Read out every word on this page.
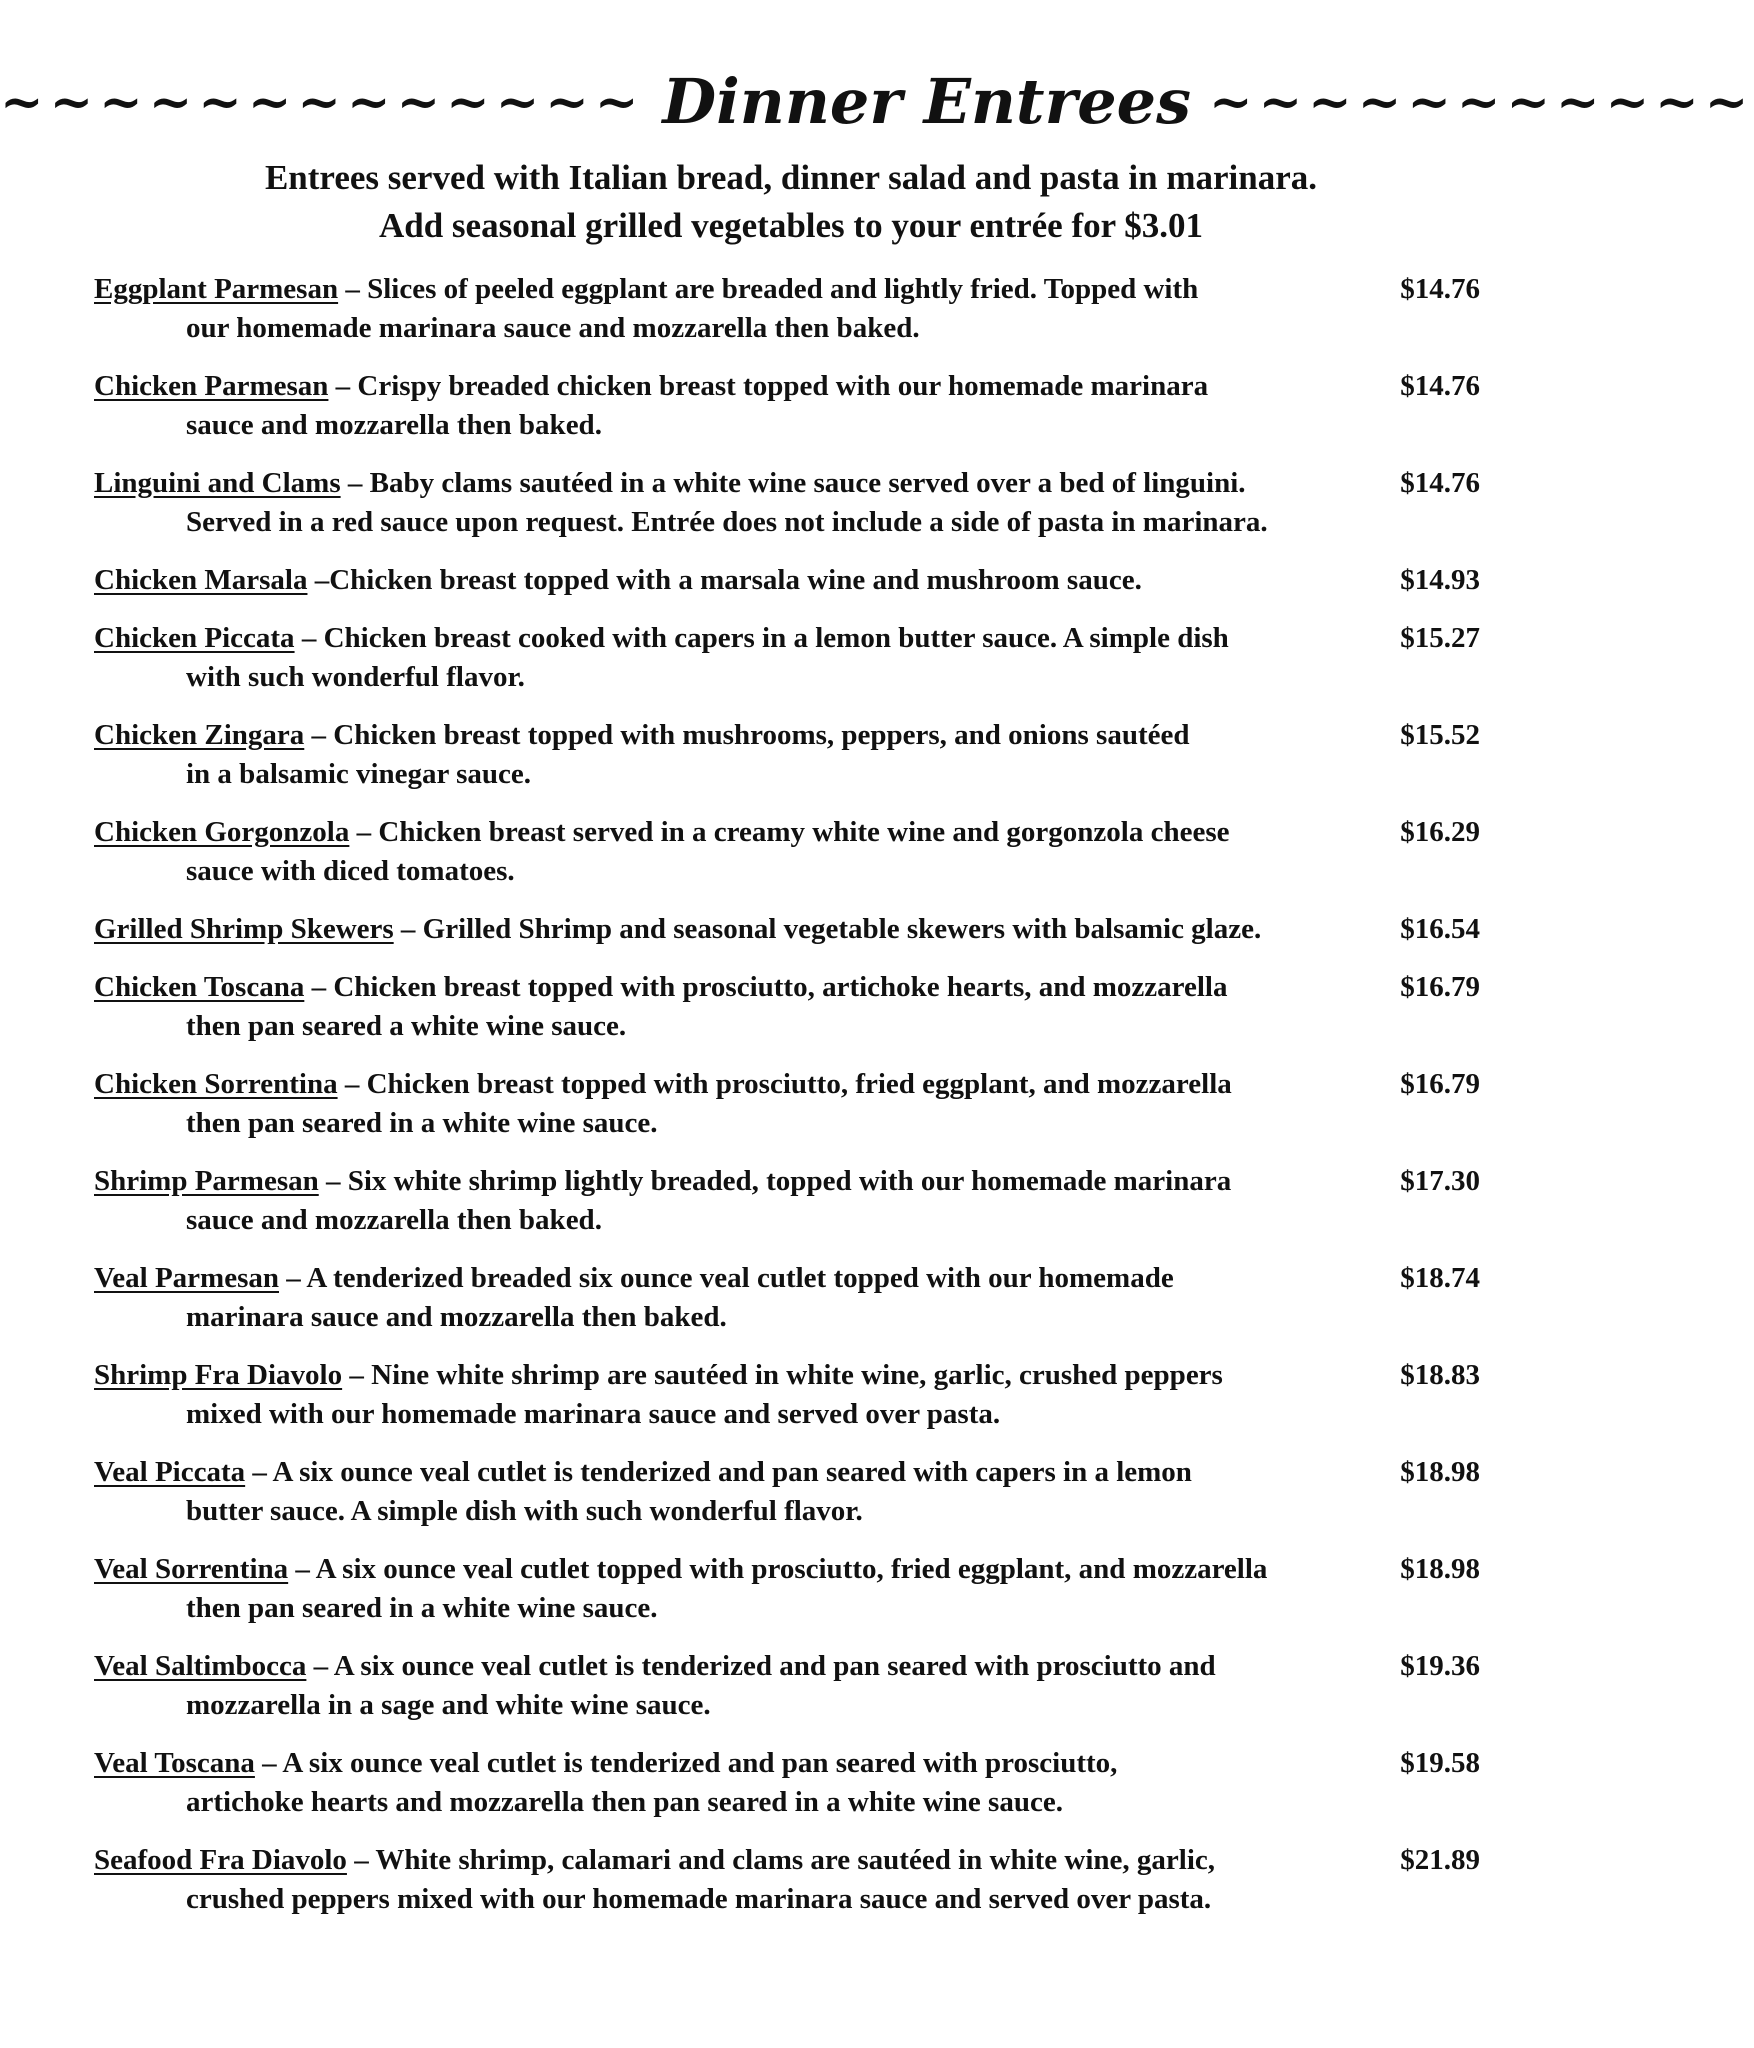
~~~~~~~~~~~~~ Dinner Entrees ~~~~~~~~~~~
Entrees served with Italian bread, dinner salad and pasta in marinara.
Add seasonal grilled vegetables to your entrée for $3.01
Eggplant Parmesan – Slices of peeled eggplant are breaded and lightly fried. Topped with
our homemade marinara sauce and mozzarella then baked.
$14.76
Chicken Parmesan – Crispy breaded chicken breast topped with our homemade marinara
sauce and mozzarella then baked.
$14.76
Linguini and Clams – Baby clams sautéed in a white wine sauce served over a bed of linguini.
Served in a red sauce upon request. Entrée does not include a side of pasta in marinara.
$14.76
Chicken Marsala –Chicken breast topped with a marsala wine and mushroom sauce.	$14.93
Chicken Piccata – Chicken breast cooked with capers in a lemon butter sauce. A simple dish
with such wonderful flavor.
$15.27
Chicken Zingara – Chicken breast topped with mushrooms, peppers, and onions sautéed
in a balsamic vinegar sauce.
$15.52
Chicken Gorgonzola – Chicken breast served in a creamy white wine and gorgonzola cheese
sauce with diced tomatoes.
$16.29
Grilled Shrimp Skewers – Grilled Shrimp and seasonal vegetable skewers with balsamic glaze.	$16.54
Chicken Toscana – Chicken breast topped with prosciutto, artichoke hearts, and mozzarella
then pan seared a white wine sauce.
$16.79
Chicken Sorrentina – Chicken breast topped with prosciutto, fried eggplant, and mozzarella
then pan seared in a white wine sauce.
$16.79
Shrimp Parmesan – Six white shrimp lightly breaded, topped with our homemade marinara
sauce and mozzarella then baked.
$17.30
Veal Parmesan – A tenderized breaded six ounce veal cutlet topped with our homemade
marinara sauce and mozzarella then baked.
$18.74
Shrimp Fra Diavolo – Nine white shrimp are sautéed in white wine, garlic, crushed peppers
mixed with our homemade marinara sauce and served over pasta.
$18.83
Veal Piccata – A six ounce veal cutlet is tenderized and pan seared with capers in a lemon
butter sauce. A simple dish with such wonderful flavor.
$18.98
Veal Sorrentina – A six ounce veal cutlet topped with prosciutto, fried eggplant, and mozzarella
then pan seared in a white wine sauce.
$18.98
Veal Saltimbocca – A six ounce veal cutlet is tenderized and pan seared with prosciutto and
mozzarella in a sage and white wine sauce.
$19.36
Veal Toscana – A six ounce veal cutlet is tenderized and pan seared with prosciutto,
artichoke hearts and mozzarella then pan seared in a white wine sauce.
$19.58
Seafood Fra Diavolo – White shrimp, calamari and clams are sautéed in white wine, garlic,
crushed peppers mixed with our homemade marinara sauce and served over pasta.
$21.89
